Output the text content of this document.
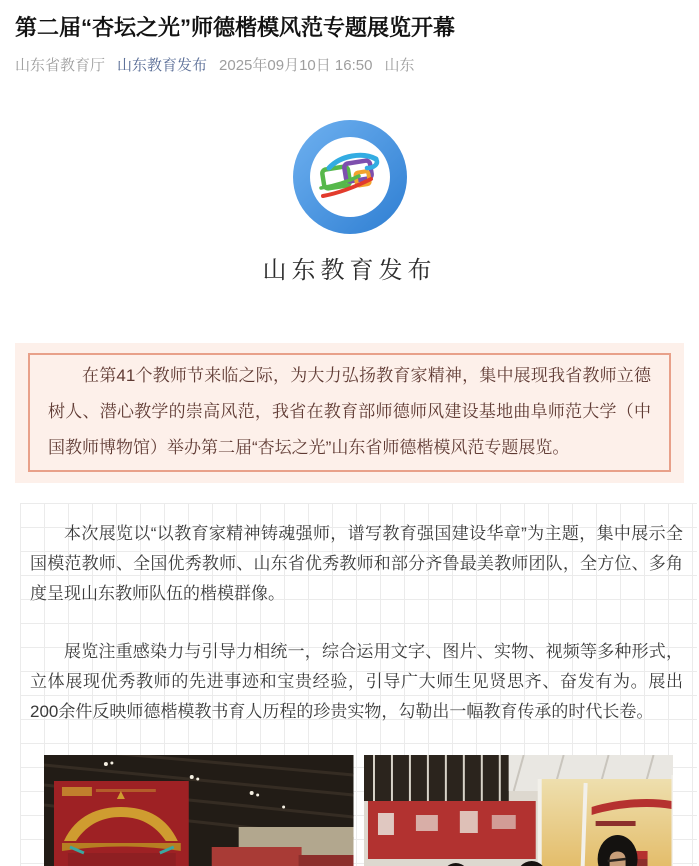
第二届“杏坛之光”师德楷模风范专题展览开幕
山东省教育厅 山东教育发布 2025年09月10日 16:50 山东
山东教育发布

在第41个教师节来临之际，为大力弘扬教育家精神，集中展现我省教师立德树人、潜心教学的崇高风范，我省在教育部师德师风建设基地曲阜师范大学（中国教师博物馆）举办第二届“杏坛之光”山东省师德楷模风范专题展览。

本次展览以“以教育家精神铸魂强师，谱写教育强国建设华章”为主题，集中展示全国模范教师、全国优秀教师、山东省优秀教师和部分齐鲁最美教师团队，全方位、多角度呈现山东教师队伍的楷模群像。

展览注重感染力与引导力相统一，综合运用文字、图片、实物、视频等多种形式，立体展现优秀教师的先进事迹和宝贵经验，引导广大师生见贤思齐、奋发有为。展出200余件反映师德楷模教书育人历程的珍贵实物，勾勒出一幅教育传承的时代长卷。
